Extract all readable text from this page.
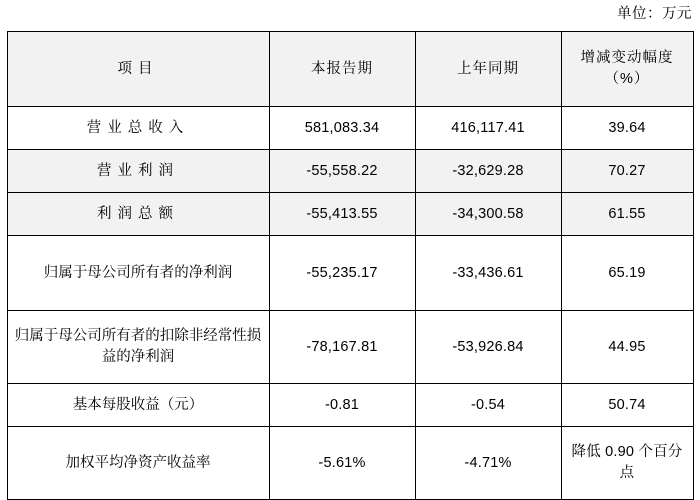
单位：万元
项目	本报告期	上年同期	增减变动幅度（%）
营业总收入	581,083.34	416,117.41	39.64
营业利润	-55,558.22	-32,629.28	70.27
利润总额	-55,413.55	-34,300.58	61.55
归属于母公司所有者的净利润	-55,235.17	-33,436.61	65.19
归属于母公司所有者的扣除非经常性损益的净利润	-78,167.81	-53,926.84	44.95
基本每股收益（元）	-0.81	-0.54	50.74
加权平均净资产收益率	-5.61%	-4.71%	降低 0.90 个百分点
